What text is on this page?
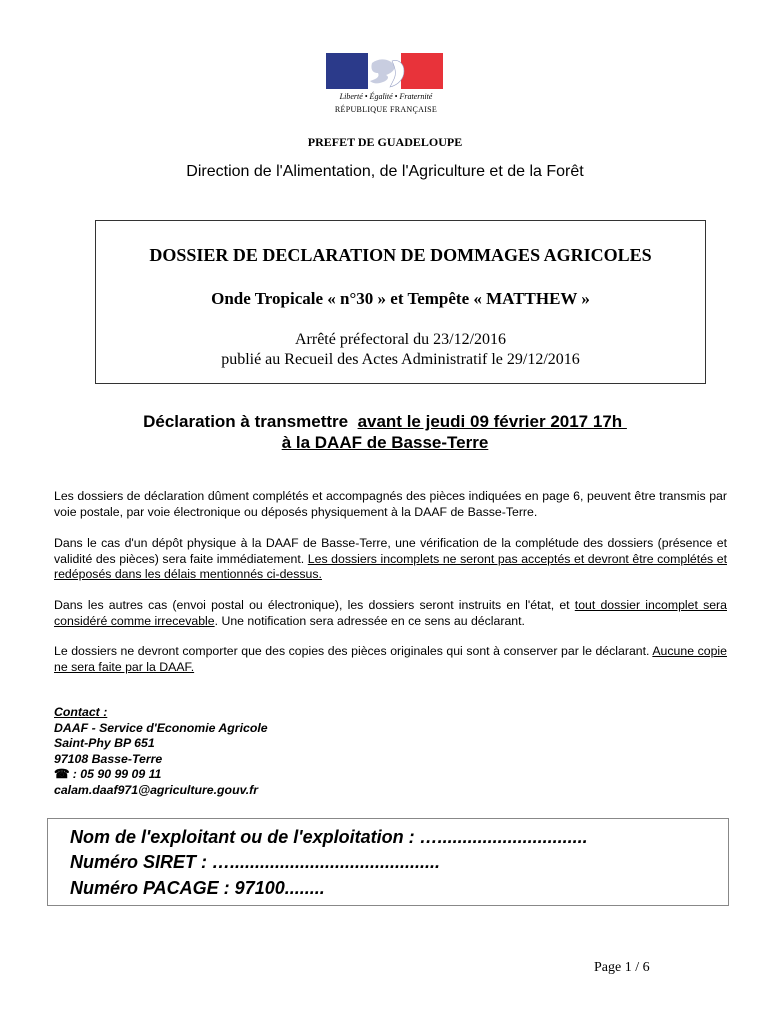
Liberté • Égalité • Fraternité
RÉPUBLIQUE FRANÇAISE
PREFET DE GUADELOUPE
Direction de l'Alimentation, de l'Agriculture et de la Forêt
DOSSIER DE DECLARATION DE DOMMAGES AGRICOLES
Onde Tropicale « n°30 » et Tempête « MATTHEW »
Arrêté préfectoral du 23/12/2016
publié au Recueil des Actes Administratif le 29/12/2016
Déclaration à transmettre  avant le jeudi 09 février 2017 17h
à la DAAF de Basse-Terre
Les dossiers de déclaration dûment complétés et accompagnés des pièces indiquées en page 6, peuvent être transmis par voie postale, par voie électronique ou déposés physiquement à la DAAF de Basse-Terre.
Dans le cas d'un dépôt physique à la DAAF de Basse-Terre, une vérification de la complétude des dossiers (présence et validité des pièces) sera faite immédiatement. Les dossiers incomplets ne seront pas acceptés et devront être complétés et redéposés dans les délais mentionnés ci-dessus.
Dans les autres cas (envoi postal ou électronique), les dossiers seront instruits en l'état, et tout dossier incomplet sera considéré comme irrecevable. Une notification sera adressée en ce sens au déclarant.
Le dossiers ne devront comporter que des copies des pièces originales qui sont à conserver par le déclarant. Aucune copie ne sera faite par la DAAF.
Contact :
DAAF - Service d'Economie Agricole
Saint-Phy BP 651
97108 Basse-Terre
☎ : 05 90 99 09 11
calam.daaf971@agriculture.gouv.fr
Nom de l'exploitant ou de l'exploitation : …..............................
Numéro SIRET : …..........................................
Numéro PACAGE : 97100........
Page 1 / 6
